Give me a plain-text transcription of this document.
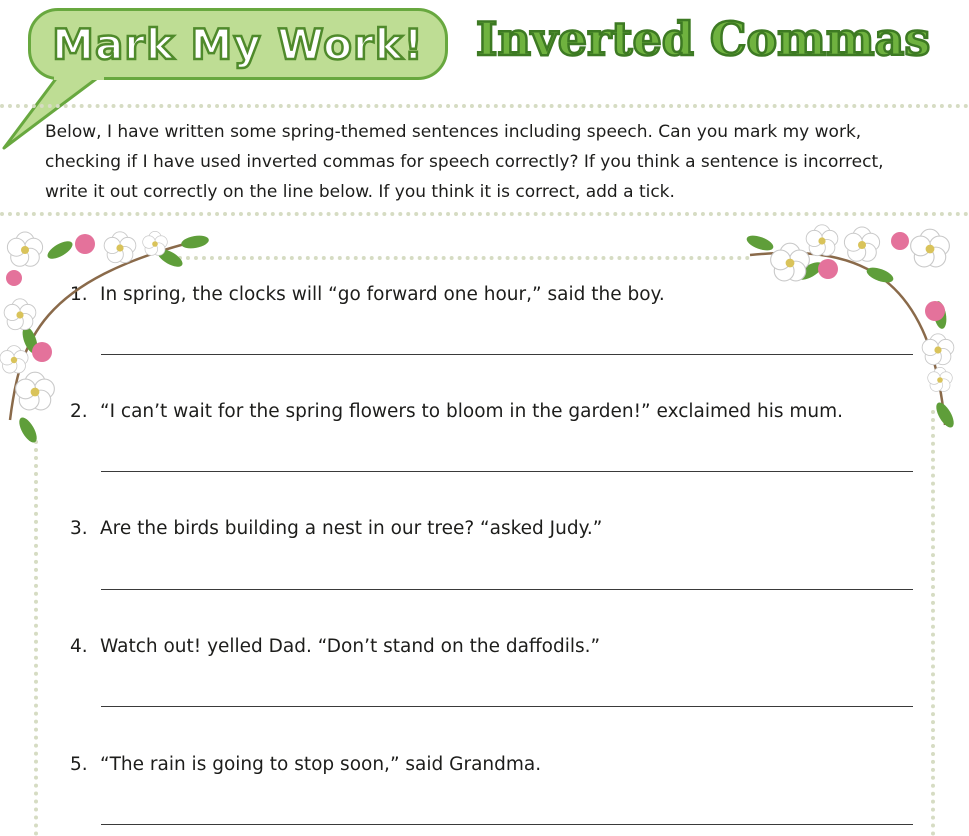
Mark My Work!	Inverted Commas
Below, I have written some spring-themed sentences including speech. Can you mark my work, checking if I have used inverted commas for speech correctly? If you think a sentence is incorrect, write it out correctly on the line below. If you think it is correct, add a tick.
1. In spring, the clocks will “go forward one hour,” said the boy.
2. “I can’t wait for the spring flowers to bloom in the garden!” exclaimed his mum.
3. Are the birds building a nest in our tree? “asked Judy.”
4. Watch out! yelled Dad. “Don’t stand on the daffodils.”
5. “The rain is going to stop soon,” said Grandma.
